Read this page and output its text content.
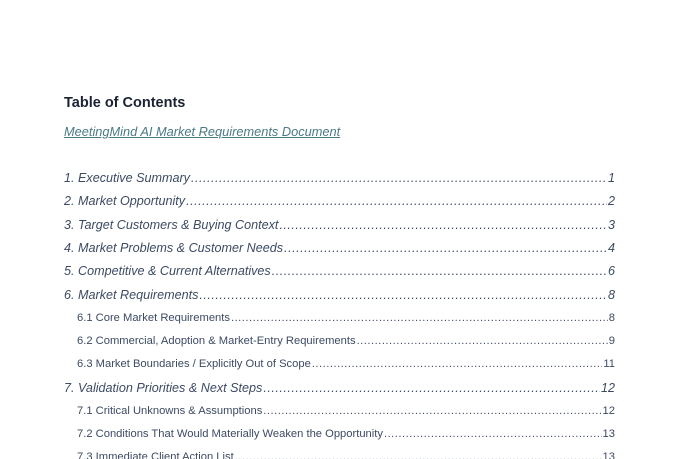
Table of Contents
MeetingMind AI Market Requirements Document
1. Executive Summary .....	1
2. Market Opportunity .....	2
3. Target Customers & Buying Context .....	3
4. Market Problems & Customer Needs .....	4
5. Competitive & Current Alternatives .....	6
6. Market Requirements .....	8
6.1 Core Market Requirements .....	8
6.2 Commercial, Adoption & Market-Entry Requirements .....	9
6.3 Market Boundaries / Explicitly Out of Scope .....	11
7. Validation Priorities & Next Steps .....	12
7.1 Critical Unknowns & Assumptions .....	12
7.2 Conditions That Would Materially Weaken the Opportunity .....	13
7.3 Immediate Client Action List .....	13
